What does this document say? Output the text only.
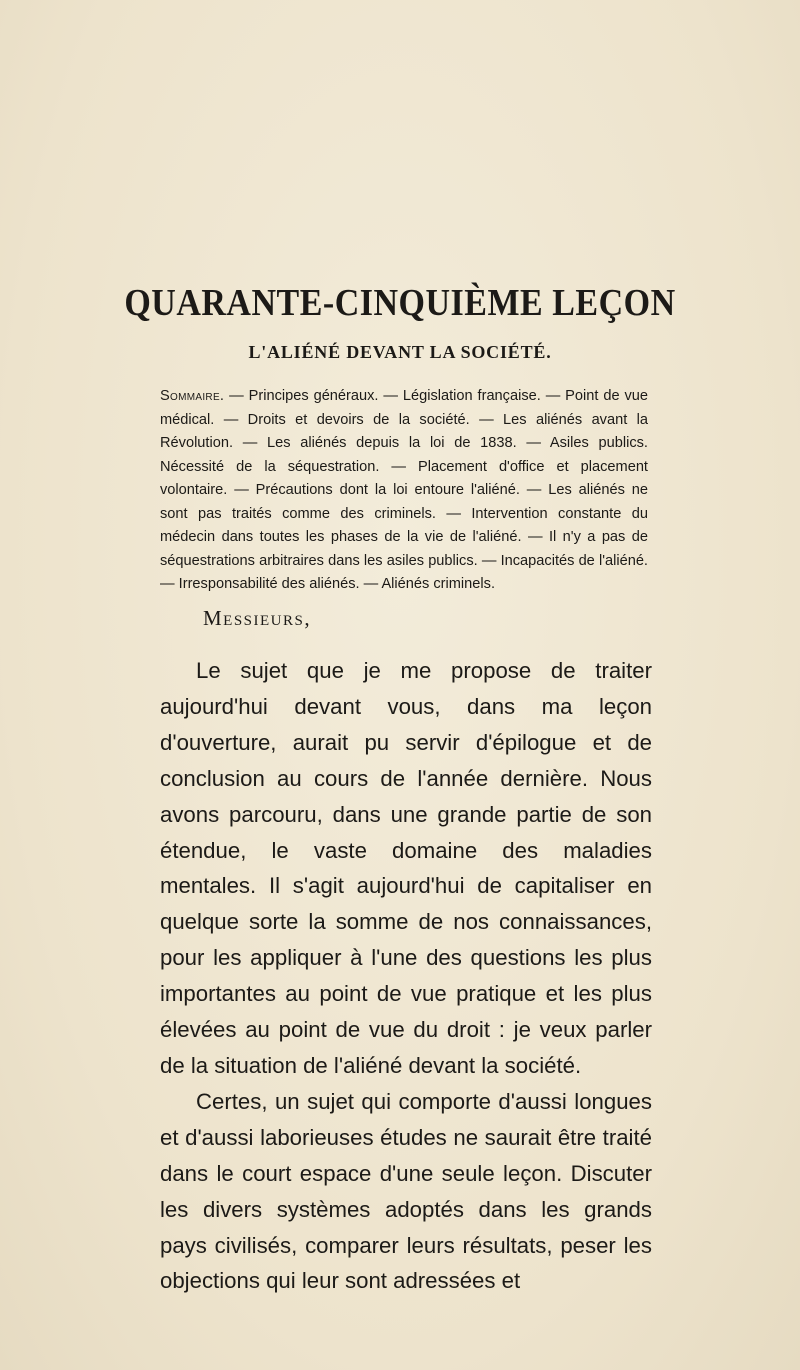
QUARANTE-CINQUIÈME LEÇON
L'ALIÉNÉ DEVANT LA SOCIÉTÉ.
Sommaire. — Principes généraux. — Législation française. — Point de vue médical. — Droits et devoirs de la société. — Les aliénés avant la Révolution. — Les aliénés depuis la loi de 1838. — Asiles publics. Nécessité de la séquestration. — Placement d'office et placement volontaire. — Précautions dont la loi entoure l'aliéné. — Les aliénés ne sont pas traités comme des criminels. — Intervention constante du médecin dans toutes les phases de la vie de l'aliéné. — Il n'y a pas de séquestrations arbitraires dans les asiles publics. — Incapacités de l'aliéné. — Irresponsabilité des aliénés. — Aliénés criminels.
Messieurs,

Le sujet que je me propose de traiter aujourd'hui devant vous, dans ma leçon d'ouverture, aurait pu servir d'épilogue et de conclusion au cours de l'année dernière. Nous avons parcouru, dans une grande partie de son étendue, le vaste domaine des maladies mentales. Il s'agit aujourd'hui de capitaliser en quelque sorte la somme de nos connaissances, pour les appliquer à l'une des questions les plus importantes au point de vue pratique et les plus élevées au point de vue du droit : je veux parler de la situation de l'aliéné devant la société.

Certes, un sujet qui comporte d'aussi longues et d'aussi laborieuses études ne saurait être traité dans le court espace d'une seule leçon. Discuter les divers systèmes adoptés dans les grands pays civilisés, comparer leurs résultats, peser les objections qui leur sont adressées et
